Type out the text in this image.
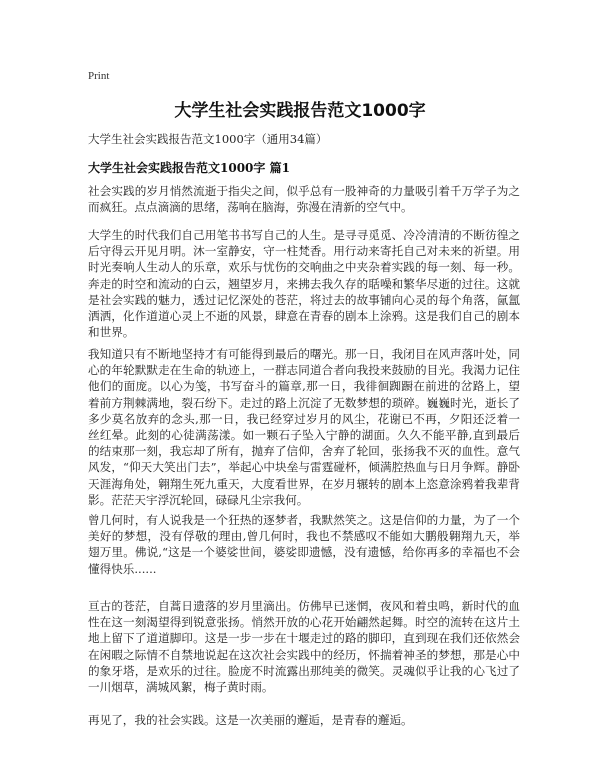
Print
大学生社会实践报告范文1000字
大学生社会实践报告范文1000字（通用34篇）
大学生社会实践报告范文1000字 篇1

社会实践的岁月悄然流逝于指尖之间，似乎总有一股神奇的力量吸引着千万学子为之而疯狂。点点滴滴的思绪，荡响在脑海，弥漫在清新的空气中。

大学生的时代我们自己用笔书书写自己的人生。是寻寻觅觅、冷冷清清的不断彷徨之后守得云开见月明。沐一室静安，守一柱梵香。用行动来寄托自己对未来的祈望。用时光奏响人生动人的乐章，欢乐与忧伤的交响曲之中夹杂着实践的每一刻、每一秒。奔走的时空和流动的白云，翘望岁月，来拂去我久存的聒噪和繁华尽逝的过往。这就是社会实践的魅力，透过记忆深处的苍茫，将过去的故事铺向心灵的每个角落，氤氲洒洒，化作道道心灵上不逝的风景，肆意在青春的剧本上涂鸦。这是我们自己的剧本和世界。

我知道只有不断地坚持才有可能得到最后的曙光。那一日，我闭目在风声落叶处，同心的年轮默默走在生命的轨迹上，一群志同道合者向我投来鼓励的目光。我渴力记住他们的面庞。以心为笺，书写奋斗的篇章,那一日，我徘徊踟蹰在前进的岔路上，望着前方荆棘满地，裂石纷下。走过的路上沉淀了无数梦想的琐碎。巍巍时光，逝长了多少莫名放弃的念头,那一日，我已经穿过岁月的风尘，花谢已不再，夕阳还泛着一丝红晕。此刻的心徒满荡漾。如一颗石子坠入宁静的湖面。久久不能平静,直到最后的结束那一刻，我忘却了所有，抛弃了信仰，舍弃了轮回，张扬我不灭的血性。意气风发，“仰天大笑出门去”，举起心中块垒与雷霆碰杯，倾满腔热血与日月争辉。静卧天涯海角处，翱翔生死九重天，大度看世界，在岁月辗转的剧本上恣意涂鸦着我辈背影。茫茫天宇浮沉轮回，碌碌凡尘宗我何。

曾几何时，有人说我是一个狂热的逐梦者，我默然笑之。这是信仰的力量，为了一个美好的梦想，没有俘敬的理由,曾几何时，我也不禁感叹不能如大鹏般翱翔九天，举翅万里。佛说,“这是一个婆娑世间，婆娑即遗憾，没有遗憾，给你再多的幸福也不会懂得快乐......

亘古的苍茫，自蒿日遗落的岁月里滴出。仿佛早已迷惘，夜风和着虫鸣，新时代的血性在这一刻渴望得到锐意张扬。悄然开放的心花开始翩然起舞。时空的流转在这片土地上留下了道道脚印。这是一步一步在十堰走过的路的脚印，直到现在我们还依然会在闲暇之际情不自禁地说起在这次社会实践中的经历，怀揣着神圣的梦想，那是心中的象牙塔，是欢乐的过往。脸庞不时流露出那纯美的微笑。灵魂似乎让我的心飞过了一川烟草，满城风絮，梅子黄时雨。

再见了，我的社会实践。这是一次美丽的邂逅，是青春的邂逅。
